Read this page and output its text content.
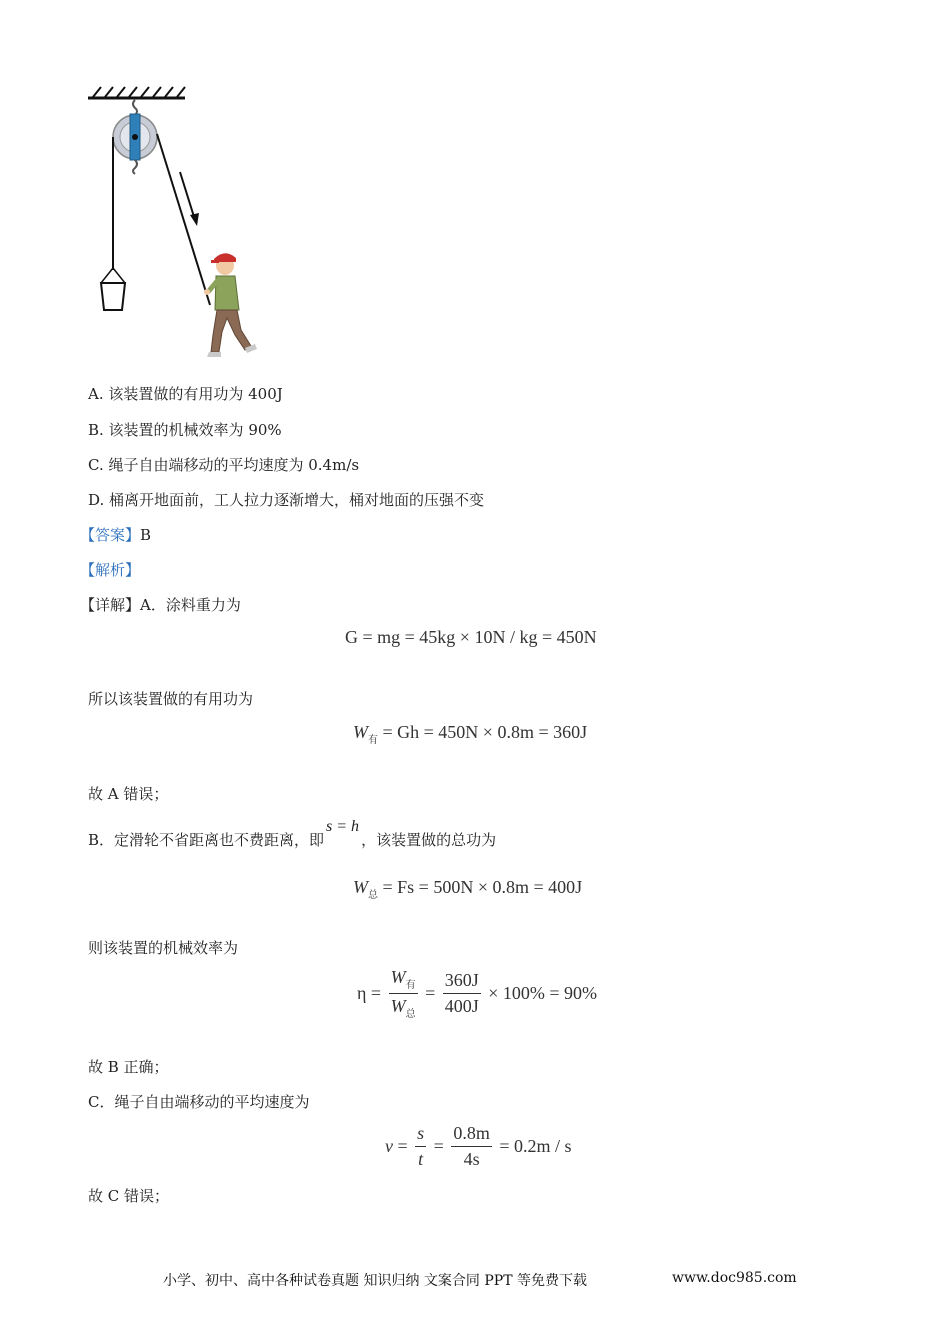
A. 该装置做的有用功为 400J
B. 该装置的机械效率为 90%
C. 绳子自由端移动的平均速度为 0.4m/s
D. 桶离开地面前，工人拉力逐渐增大，桶对地面的压强不变
【答案】B
【解析】
【详解】A．涂料重力为
G = mg = 45kg × 10N / kg = 450N
所以该装置做的有用功为
$W_有 = Gh = 450N \times 0.8m = 360J$
故 A 错误；
B．定滑轮不省距离也不费距离，即s = h，该装置做的总功为
$W_总 = Fs = 500N \times 0.8m = 400J$
则该装置的机械效率为
$\eta = \frac{W_有}{W_总} = \frac{360J}{400J} \times 100\% = 90\%$
故 B 正确；
C．绳子自由端移动的平均速度为
$v = \frac{s}{t} = \frac{0.8m}{4s} = 0.2m / s$
故 C 错误；
小学、初中、高中各种试卷真题 知识归纳 文案合同 PPT 等免费下载	www.doc985.com
